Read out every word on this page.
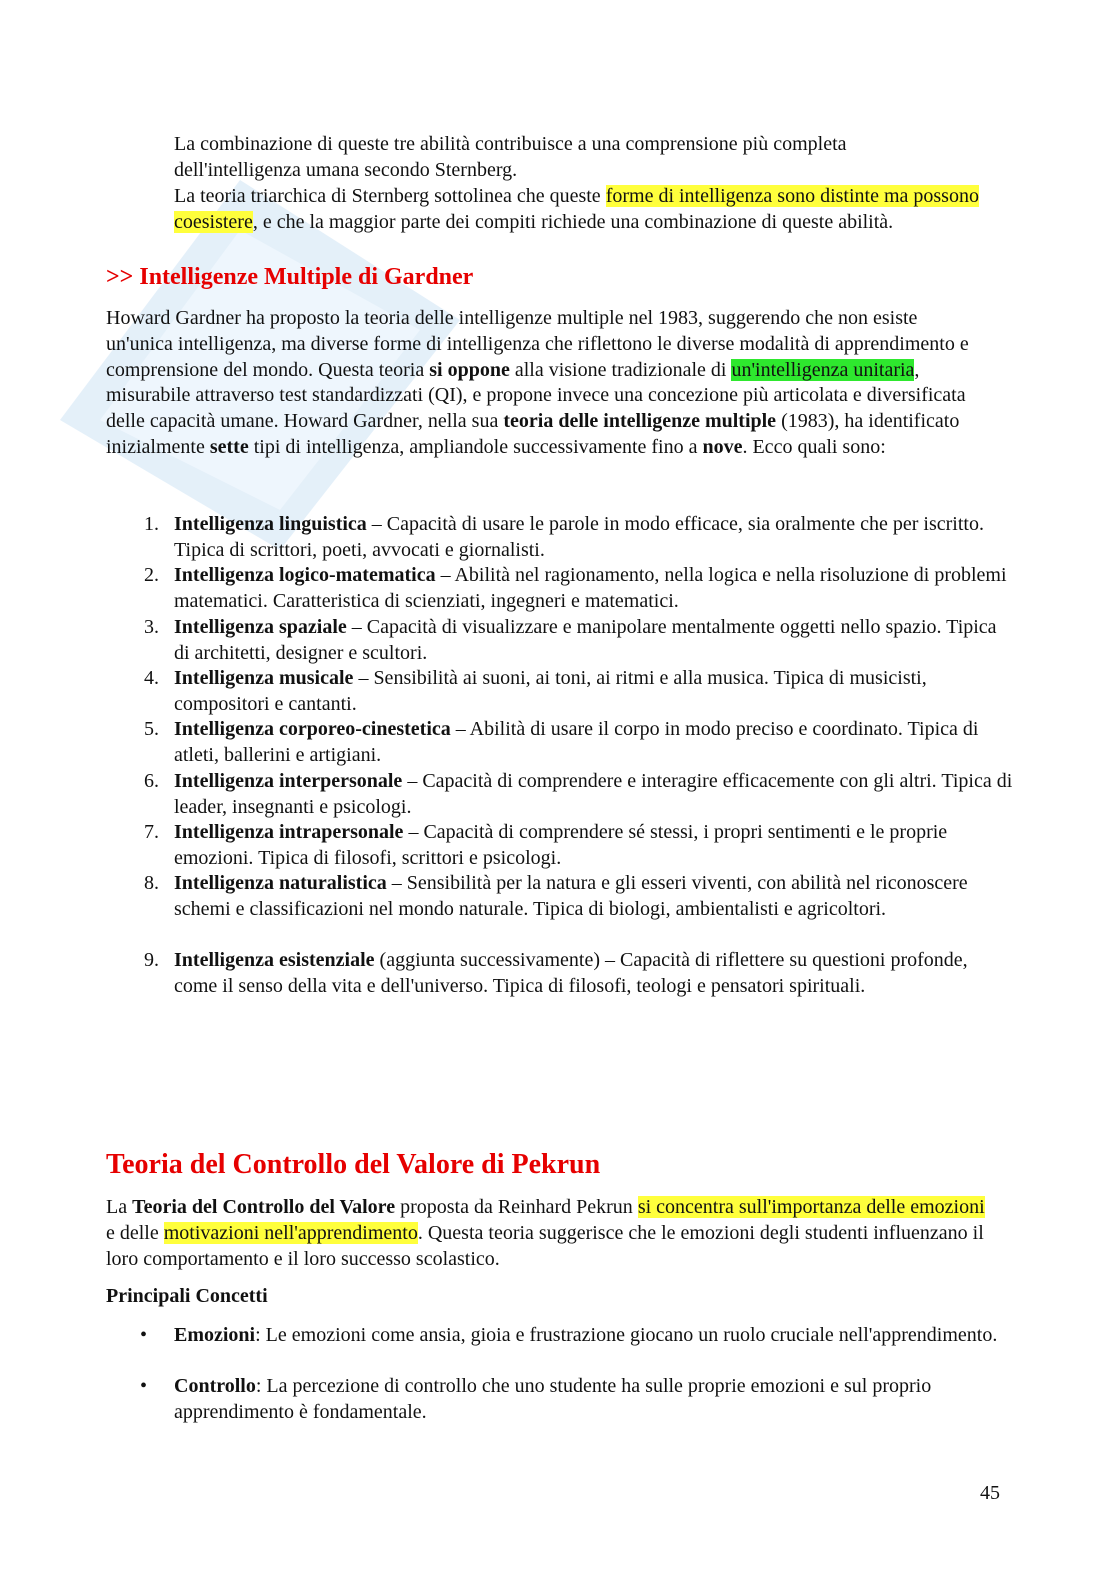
La combinazione di queste tre abilità contribuisce a una comprensione più completa dell'intelligenza umana secondo Sternberg.

La teoria triarchica di Sternberg sottolinea che queste forme di intelligenza sono distinte ma possono coesistere, e che la maggior parte dei compiti richiede una combinazione di queste abilità.

>> Intelligenze Multiple di Gardner

Howard Gardner ha proposto la teoria delle intelligenze multiple nel 1983, suggerendo che non esiste un'unica intelligenza, ma diverse forme di intelligenza che riflettono le diverse modalità di apprendimento e comprensione del mondo. Questa teoria si oppone alla visione tradizionale di un'intelligenza unitaria, misurabile attraverso test standardizzati (QI), e propone invece una concezione più articolata e diversificata delle capacità umane. Howard Gardner, nella sua teoria delle intelligenze multiple (1983), ha identificato inizialmente sette tipi di intelligenza, ampliandole successivamente fino a nove. Ecco quali sono:

1. Intelligenza linguistica – Capacità di usare le parole in modo efficace, sia oralmente che per iscritto. Tipica di scrittori, poeti, avvocati e giornalisti.

2. Intelligenza logico-matematica – Abilità nel ragionamento, nella logica e nella risoluzione di problemi matematici. Caratteristica di scienziati, ingegneri e matematici.

3. Intelligenza spaziale – Capacità di visualizzare e manipolare mentalmente oggetti nello spazio. Tipica di architetti, designer e scultori.

4. Intelligenza musicale – Sensibilità ai suoni, ai toni, ai ritmi e alla musica. Tipica di musicisti, compositori e cantanti.

5. Intelligenza corporeo-cinestetica – Abilità di usare il corpo in modo preciso e coordinato. Tipica di atleti, ballerini e artigiani.

6. Intelligenza interpersonale – Capacità di comprendere e interagire efficacemente con gli altri. Tipica di leader, insegnanti e psicologi.

7. Intelligenza intrapersonale – Capacità di comprendere sé stessi, i propri sentimenti e le proprie emozioni. Tipica di filosofi, scrittori e psicologi.

8. Intelligenza naturalistica – Sensibilità per la natura e gli esseri viventi, con abilità nel riconoscere schemi e classificazioni nel mondo naturale. Tipica di biologi, ambientalisti e agricoltori.

9. Intelligenza esistenziale (aggiunta successivamente) – Capacità di riflettere su questioni profonde, come il senso della vita e dell'universo. Tipica di filosofi, teologi e pensatori spirituali.

Teoria del Controllo del Valore di Pekrun

La Teoria del Controllo del Valore proposta da Reinhard Pekrun si concentra sull'importanza delle emozioni e delle motivazioni nell'apprendimento. Questa teoria suggerisce che le emozioni degli studenti influenzano il loro comportamento e il loro successo scolastico.

Principali Concetti

• Emozioni: Le emozioni come ansia, gioia e frustrazione giocano un ruolo cruciale nell'apprendimento.

• Controllo: La percezione di controllo che uno studente ha sulle proprie emozioni e sul proprio apprendimento è fondamentale.

45
